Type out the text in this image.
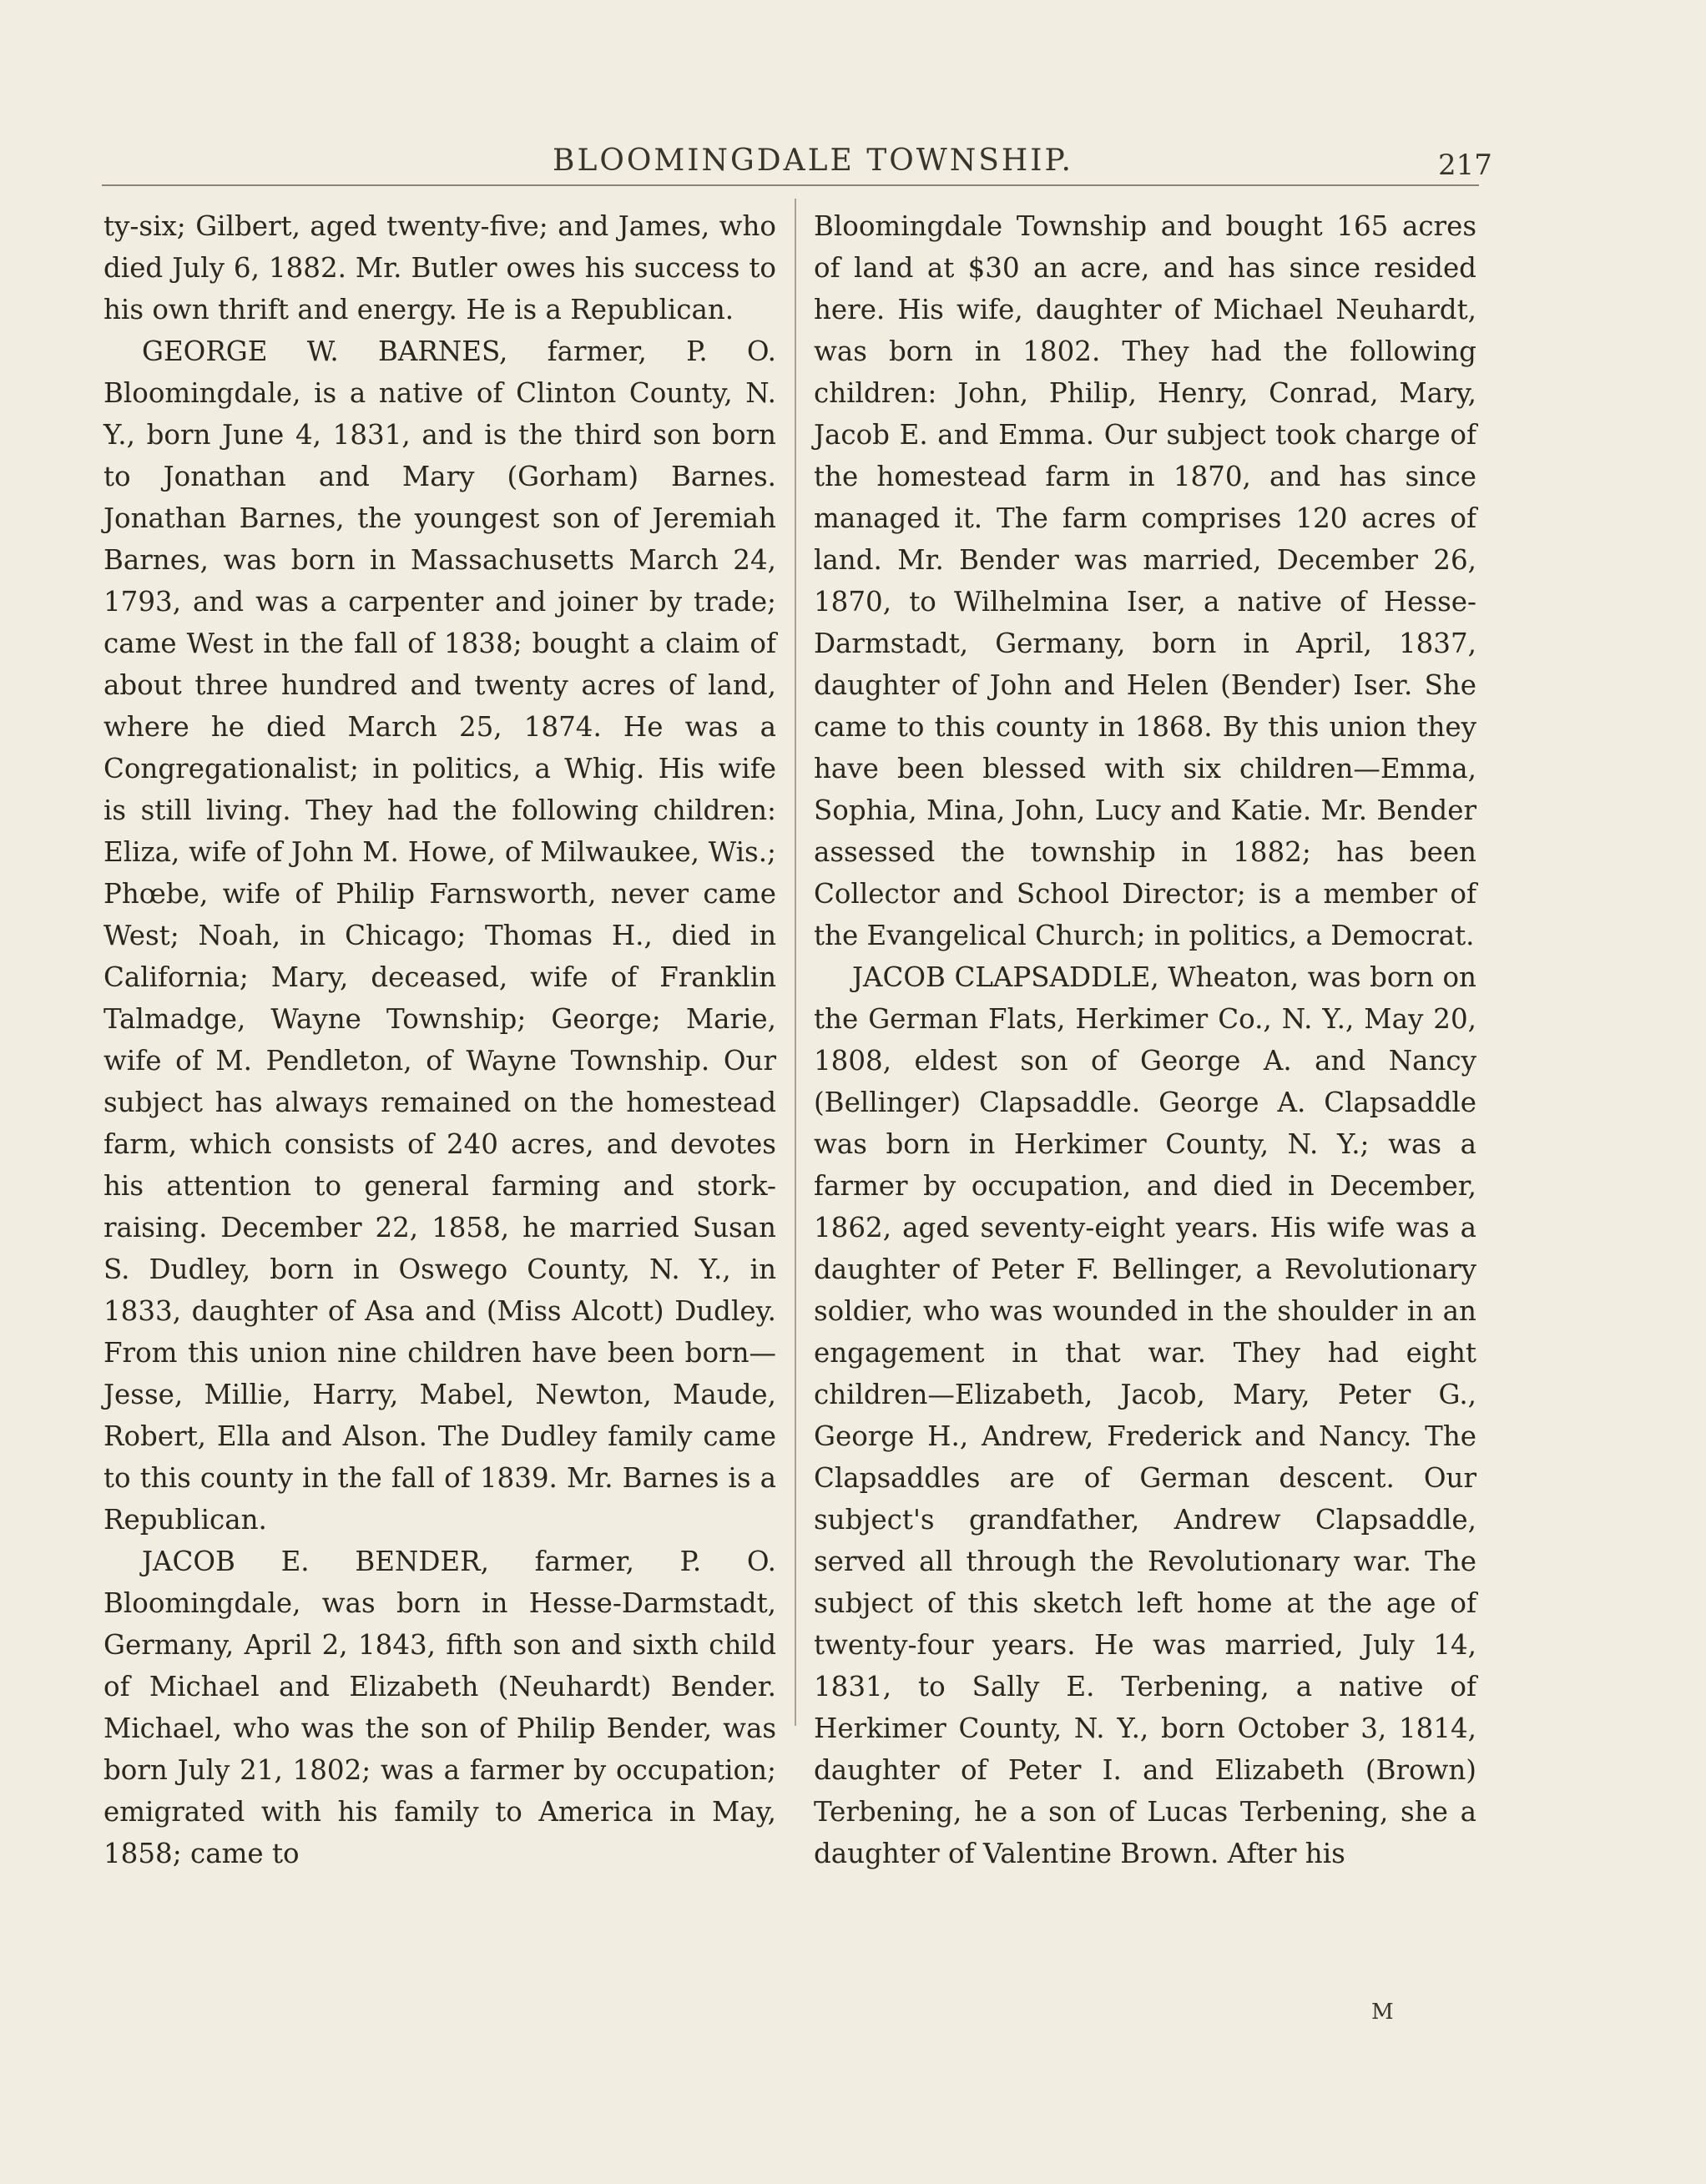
BLOOMINGDALE TOWNSHIP.	217

ty-six; Gilbert, aged twenty-five; and James, who died July 6, 1882. Mr. Butler owes his success to his own thrift and energy. He is a Republican.

GEORGE W. BARNES, farmer, P. O. Bloomingdale, is a native of Clinton County, N. Y., born June 4, 1831, and is the third son born to Jonathan and Mary (Gorham) Barnes. Jonathan Barnes, the youngest son of Jeremiah Barnes, was born in Massachusetts March 24, 1793, and was a carpenter and joiner by trade; came West in the fall of 1838; bought a claim of about three hundred and twenty acres of land, where he died March 25, 1874. He was a Congregationalist; in politics, a Whig. His wife is still living. They had the following children: Eliza, wife of John M. Howe, of Milwaukee, Wis.; Phœbe, wife of Philip Farnsworth, never came West; Noah, in Chicago; Thomas H., died in California; Mary, deceased, wife of Franklin Talmadge, Wayne Township; George; Marie, wife of M. Pendleton, of Wayne Township. Our subject has always remained on the homestead farm, which consists of 240 acres, and devotes his attention to general farming and stork-raising. December 22, 1858, he married Susan S. Dudley, born in Oswego County, N. Y., in 1833, daughter of Asa and (Miss Alcott) Dudley. From this union nine children have been born—Jesse, Millie, Harry, Mabel, Newton, Maude, Robert, Ella and Alson. The Dudley family came to this county in the fall of 1839. Mr. Barnes is a Republican.

JACOB E. BENDER, farmer, P. O. Bloomingdale, was born in Hesse-Darmstadt, Germany, April 2, 1843, fifth son and sixth child of Michael and Elizabeth (Neuhardt) Bender. Michael, who was the son of Philip Bender, was born July 21, 1802; was a farmer by occupation; emigrated with his family to America in May, 1858; came to

Bloomingdale Township and bought 165 acres of land at $30 an acre, and has since resided here. His wife, daughter of Michael Neuhardt, was born in 1802. They had the following children: John, Philip, Henry, Conrad, Mary, Jacob E. and Emma. Our subject took charge of the homestead farm in 1870, and has since managed it. The farm comprises 120 acres of land. Mr. Bender was married, December 26, 1870, to Wilhelmina Iser, a native of Hesse-Darmstadt, Germany, born in April, 1837, daughter of John and Helen (Bender) Iser. She came to this county in 1868. By this union they have been blessed with six children—Emma, Sophia, Mina, John, Lucy and Katie. Mr. Bender assessed the township in 1882; has been Collector and School Director; is a member of the Evangelical Church; in politics, a Democrat.

JACOB CLAPSADDLE, Wheaton, was born on the German Flats, Herkimer Co., N. Y., May 20, 1808, eldest son of George A. and Nancy (Bellinger) Clapsaddle. George A. Clapsaddle was born in Herkimer County, N. Y.; was a farmer by occupation, and died in December, 1862, aged seventy-eight years. His wife was a daughter of Peter F. Bellinger, a Revolutionary soldier, who was wounded in the shoulder in an engagement in that war. They had eight children—Elizabeth, Jacob, Mary, Peter G., George H., Andrew, Frederick and Nancy. The Clapsaddles are of German descent. Our subject's grandfather, Andrew Clapsaddle, served all through the Revolutionary war. The subject of this sketch left home at the age of twenty-four years. He was married, July 14, 1831, to Sally E. Terbening, a native of Herkimer County, N. Y., born October 3, 1814, daughter of Peter I. and Elizabeth (Brown) Terbening, he a son of Lucas Terbening, she a daughter of Valentine Brown. After his

M
